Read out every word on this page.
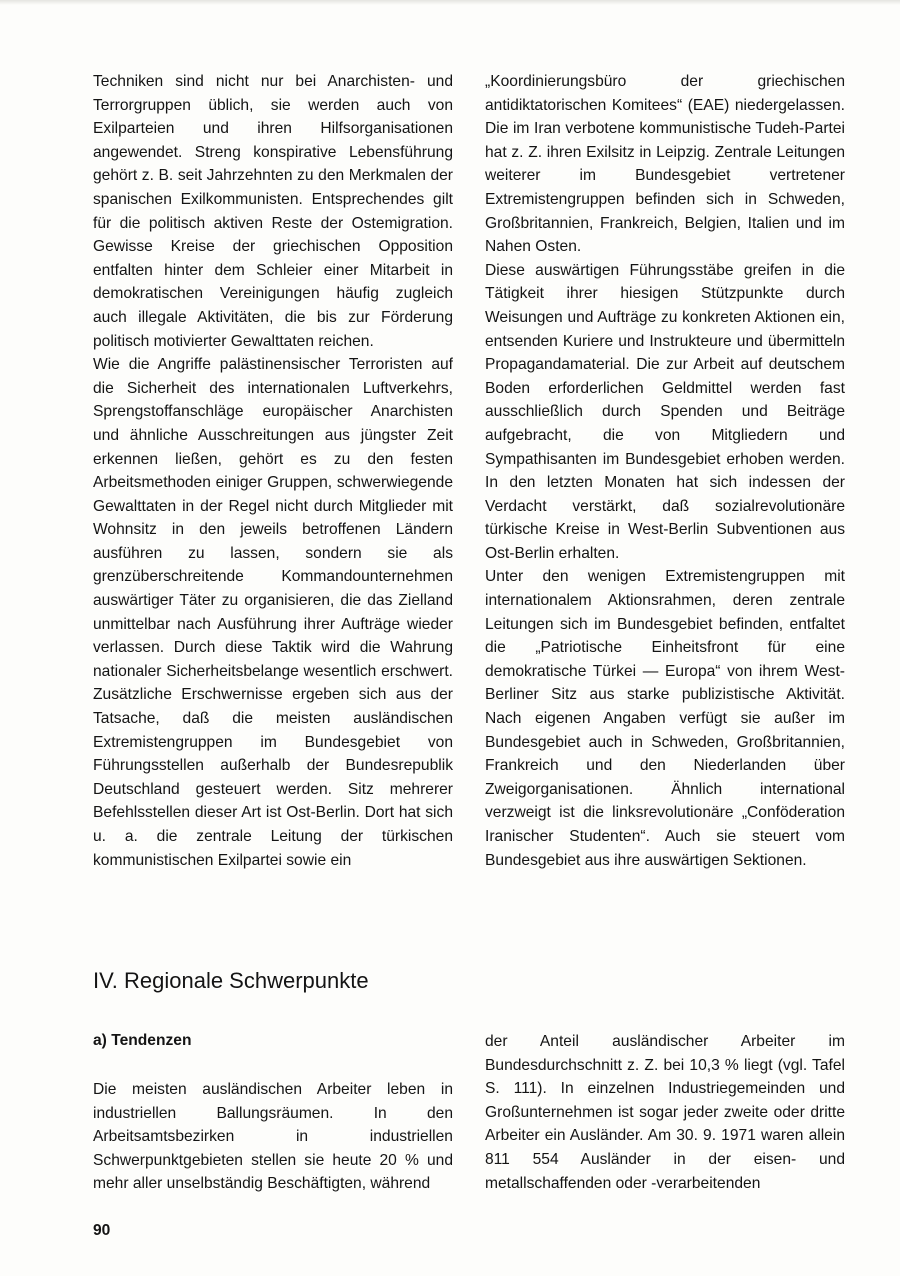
Techniken sind nicht nur bei Anarchisten- und Terrorgruppen üblich, sie werden auch von Exilparteien und ihren Hilfsorganisationen angewendet. Streng konspirative Lebensführung gehört z. B. seit Jahrzehnten zu den Merkmalen der spanischen Exilkommunisten. Entsprechendes gilt für die politisch aktiven Reste der Ostemigration. Gewisse Kreise der griechischen Opposition entfalten hinter dem Schleier einer Mitarbeit in demokratischen Vereinigungen häufig zugleich auch illegale Aktivitäten, die bis zur Förderung politisch motivierter Gewalttaten reichen.

Wie die Angriffe palästinensischer Terroristen auf die Sicherheit des internationalen Luftverkehrs, Sprengstoffanschläge europäischer Anarchisten und ähnliche Ausschreitungen aus jüngster Zeit erkennen ließen, gehört es zu den festen Arbeitsmethoden einiger Gruppen, schwerwiegende Gewalttaten in der Regel nicht durch Mitglieder mit Wohnsitz in den jeweils betroffenen Ländern ausführen zu lassen, sondern sie als grenzüberschreitende Kommandounternehmen auswärtiger Täter zu organisieren, die das Zielland unmittelbar nach Ausführung ihrer Aufträge wieder verlassen. Durch diese Taktik wird die Wahrung nationaler Sicherheitsbelange wesentlich erschwert. Zusätzliche Erschwernisse ergeben sich aus der Tatsache, daß die meisten ausländischen Extremistengruppen im Bundesgebiet von Führungsstellen außerhalb der Bundesrepublik Deutschland gesteuert werden. Sitz mehrerer Befehlsstellen dieser Art ist Ost-Berlin. Dort hat sich u. a. die zentrale Leitung der türkischen kommunistischen Exilpartei sowie ein

„Koordinierungsbüro der griechischen antidiktatorischen Komitees“ (EAE) niedergelassen. Die im Iran verbotene kommunistische Tudeh-Partei hat z. Z. ihren Exilsitz in Leipzig. Zentrale Leitungen weiterer im Bundesgebiet vertretener Extremistengruppen befinden sich in Schweden, Großbritannien, Frankreich, Belgien, Italien und im Nahen Osten.

Diese auswärtigen Führungsstäbe greifen in die Tätigkeit ihrer hiesigen Stützpunkte durch Weisungen und Aufträge zu konkreten Aktionen ein, entsenden Kuriere und Instrukteure und übermitteln Propagandamaterial. Die zur Arbeit auf deutschem Boden erforderlichen Geldmittel werden fast ausschließlich durch Spenden und Beiträge aufgebracht, die von Mitgliedern und Sympathisanten im Bundesgebiet erhoben werden. In den letzten Monaten hat sich indessen der Verdacht verstärkt, daß sozialrevolutionäre türkische Kreise in West-Berlin Subventionen aus Ost-Berlin erhalten.

Unter den wenigen Extremistengruppen mit internationalem Aktionsrahmen, deren zentrale Leitungen sich im Bundesgebiet befinden, entfaltet die „Patriotische Einheitsfront für eine demokratische Türkei — Europa“ von ihrem West-Berliner Sitz aus starke publizistische Aktivität. Nach eigenen Angaben verfügt sie außer im Bundesgebiet auch in Schweden, Großbritannien, Frankreich und den Niederlanden über Zweigorganisationen. Ähnlich international verzweigt ist die linksrevolutionäre „Conföderation Iranischer Studenten“. Auch sie steuert vom Bundesgebiet aus ihre auswärtigen Sektionen.

IV. Regionale Schwerpunkte
a) Tendenzen

Die meisten ausländischen Arbeiter leben in industriellen Ballungsräumen. In den Arbeitsamtsbezirken in industriellen Schwerpunktgebieten stellen sie heute 20 % und mehr aller unselbständig Beschäftigten, während

der Anteil ausländischer Arbeiter im Bundesdurchschnitt z. Z. bei 10,3 % liegt (vgl. Tafel S. 111). In einzelnen Industriegemeinden und Großunternehmen ist sogar jeder zweite oder dritte Arbeiter ein Ausländer. Am 30. 9. 1971 waren allein 811 554 Ausländer in der eisen- und metallschaffenden oder -verarbeitenden

90
